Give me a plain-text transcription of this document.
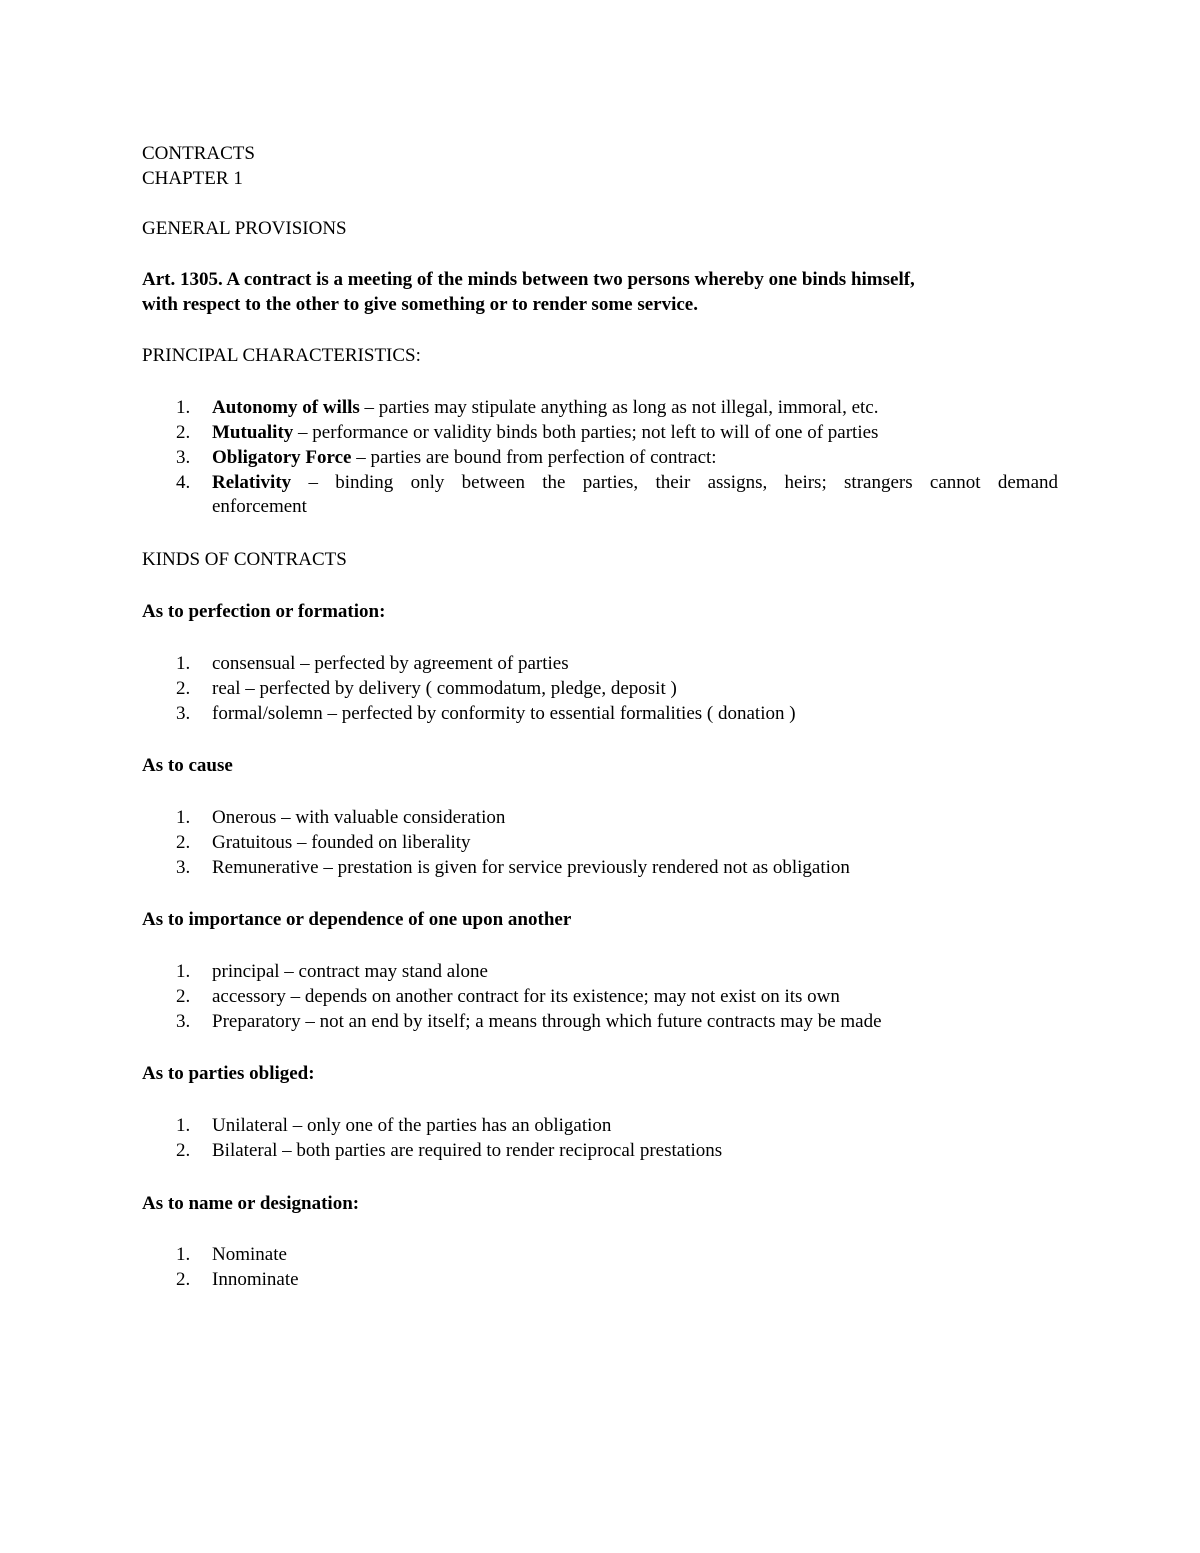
CONTRACTS
CHAPTER 1
GENERAL PROVISIONS
Art. 1305. A contract is a meeting of the minds between two persons whereby one binds himself,
with respect to the other to give something or to render some service.
PRINCIPAL CHARACTERISTICS:
1. Autonomy of wills – parties may stipulate anything as long as not illegal, immoral, etc.
2. Mutuality – performance or validity binds both parties; not left to will of one of parties
3. Obligatory Force – parties are bound from perfection of contract:
4. Relativity – binding only between the parties, their assigns, heirs; strangers cannot demand enforcement
KINDS OF CONTRACTS
As to perfection or formation:
1. consensual – perfected by agreement of parties
2. real – perfected by delivery ( commodatum, pledge, deposit )
3. formal/solemn – perfected by conformity to essential formalities ( donation )
As to cause
1. Onerous – with valuable consideration
2. Gratuitous – founded on liberality
3. Remunerative – prestation is given for service previously rendered not as obligation
As to importance or dependence of one upon another
1. principal – contract may stand alone
2. accessory – depends on another contract for its existence; may not exist on its own
3. Preparatory – not an end by itself; a means through which future contracts may be made
As to parties obliged:
1. Unilateral – only one of the parties has an obligation
2. Bilateral – both parties are required to render reciprocal prestations
As to name or designation:
1. Nominate
2. Innominate
